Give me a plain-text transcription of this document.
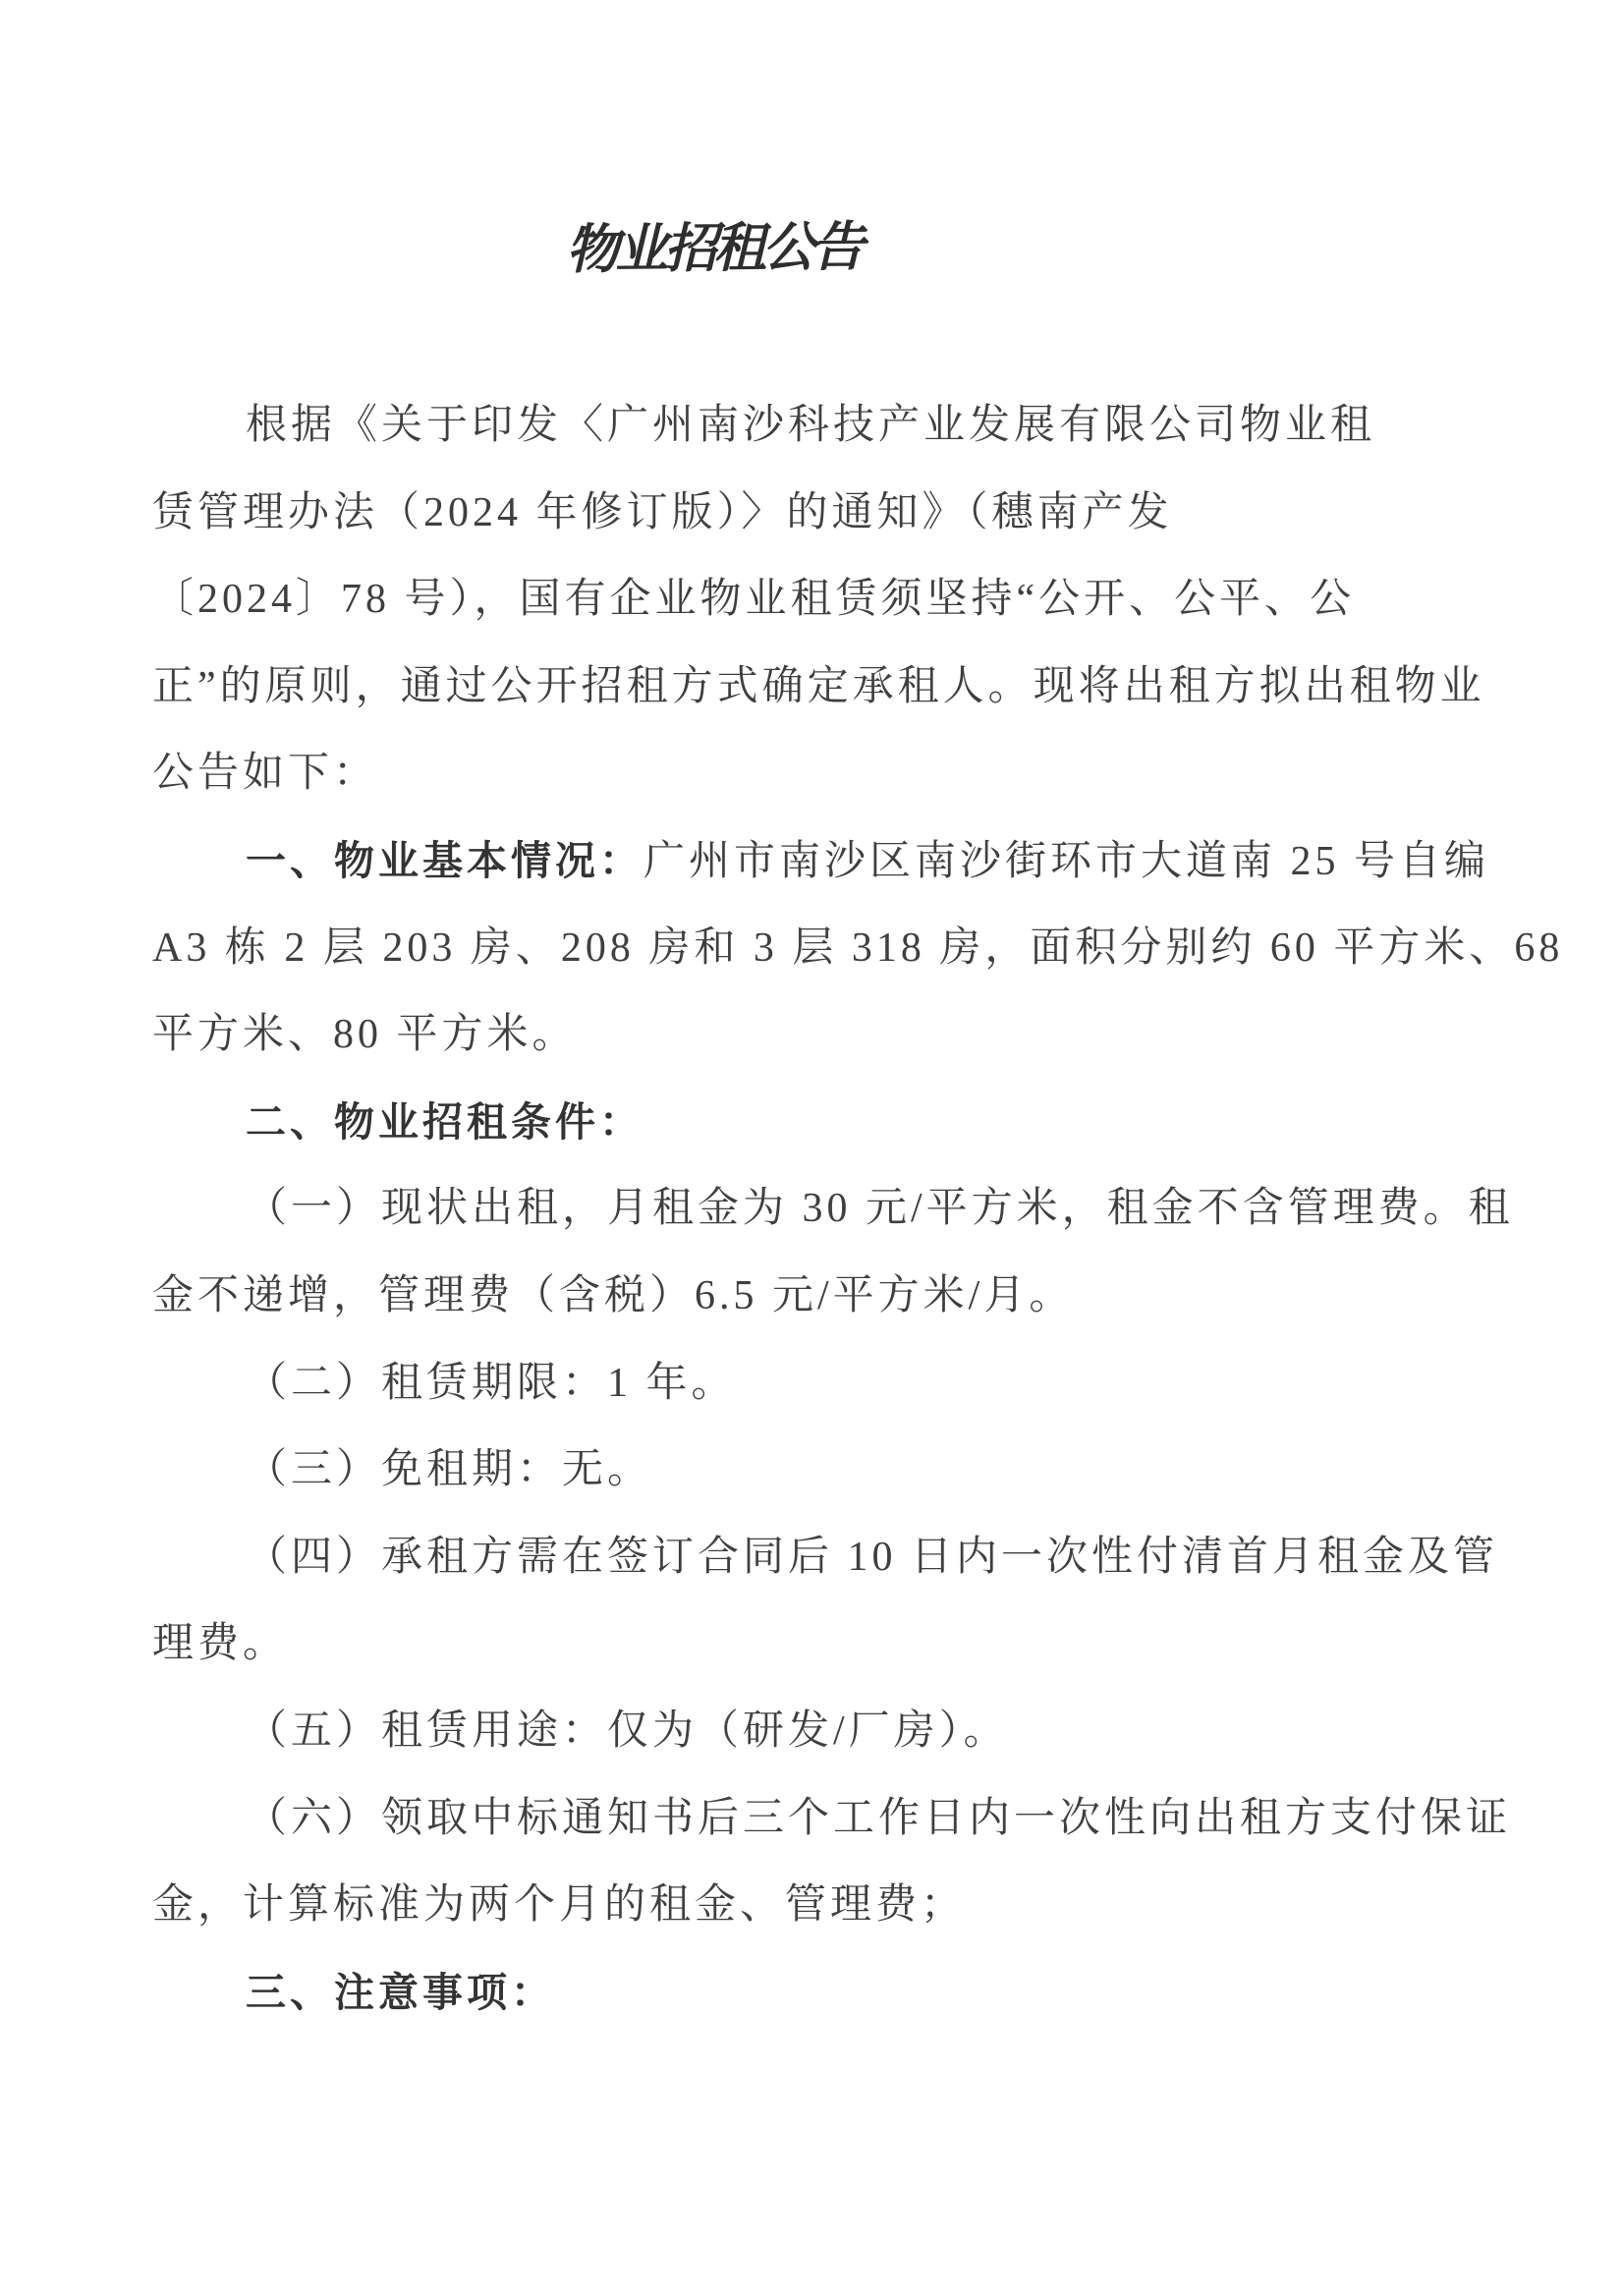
物业招租公告
根据《关于印发〈广州南沙科技产业发展有限公司物业租
赁管理办法（2024 年修订版）〉的通知》（穗南产发
〔2024〕78 号），国有企业物业租赁须坚持“公开、公平、公
正”的原则，通过公开招租方式确定承租人。现将出租方拟出租物业
公告如下：
一、物业基本情况：广州市南沙区南沙街环市大道南 25 号自编
A3 栋 2 层 203 房、208 房和 3 层 318 房，面积分别约 60 平方米、68
平方米、80 平方米。
二、物业招租条件：
（一）现状出租，月租金为 30 元/平方米，租金不含管理费。租
金不递增，管理费（含税）6.5 元/平方米/月。
（二）租赁期限：1 年。
（三）免租期：无。
（四）承租方需在签订合同后 10 日内一次性付清首月租金及管
理费。
（五）租赁用途：仅为（研发/厂房）。
（六）领取中标通知书后三个工作日内一次性向出租方支付保证
金，计算标准为两个月的租金、管理费；
三、注意事项：
